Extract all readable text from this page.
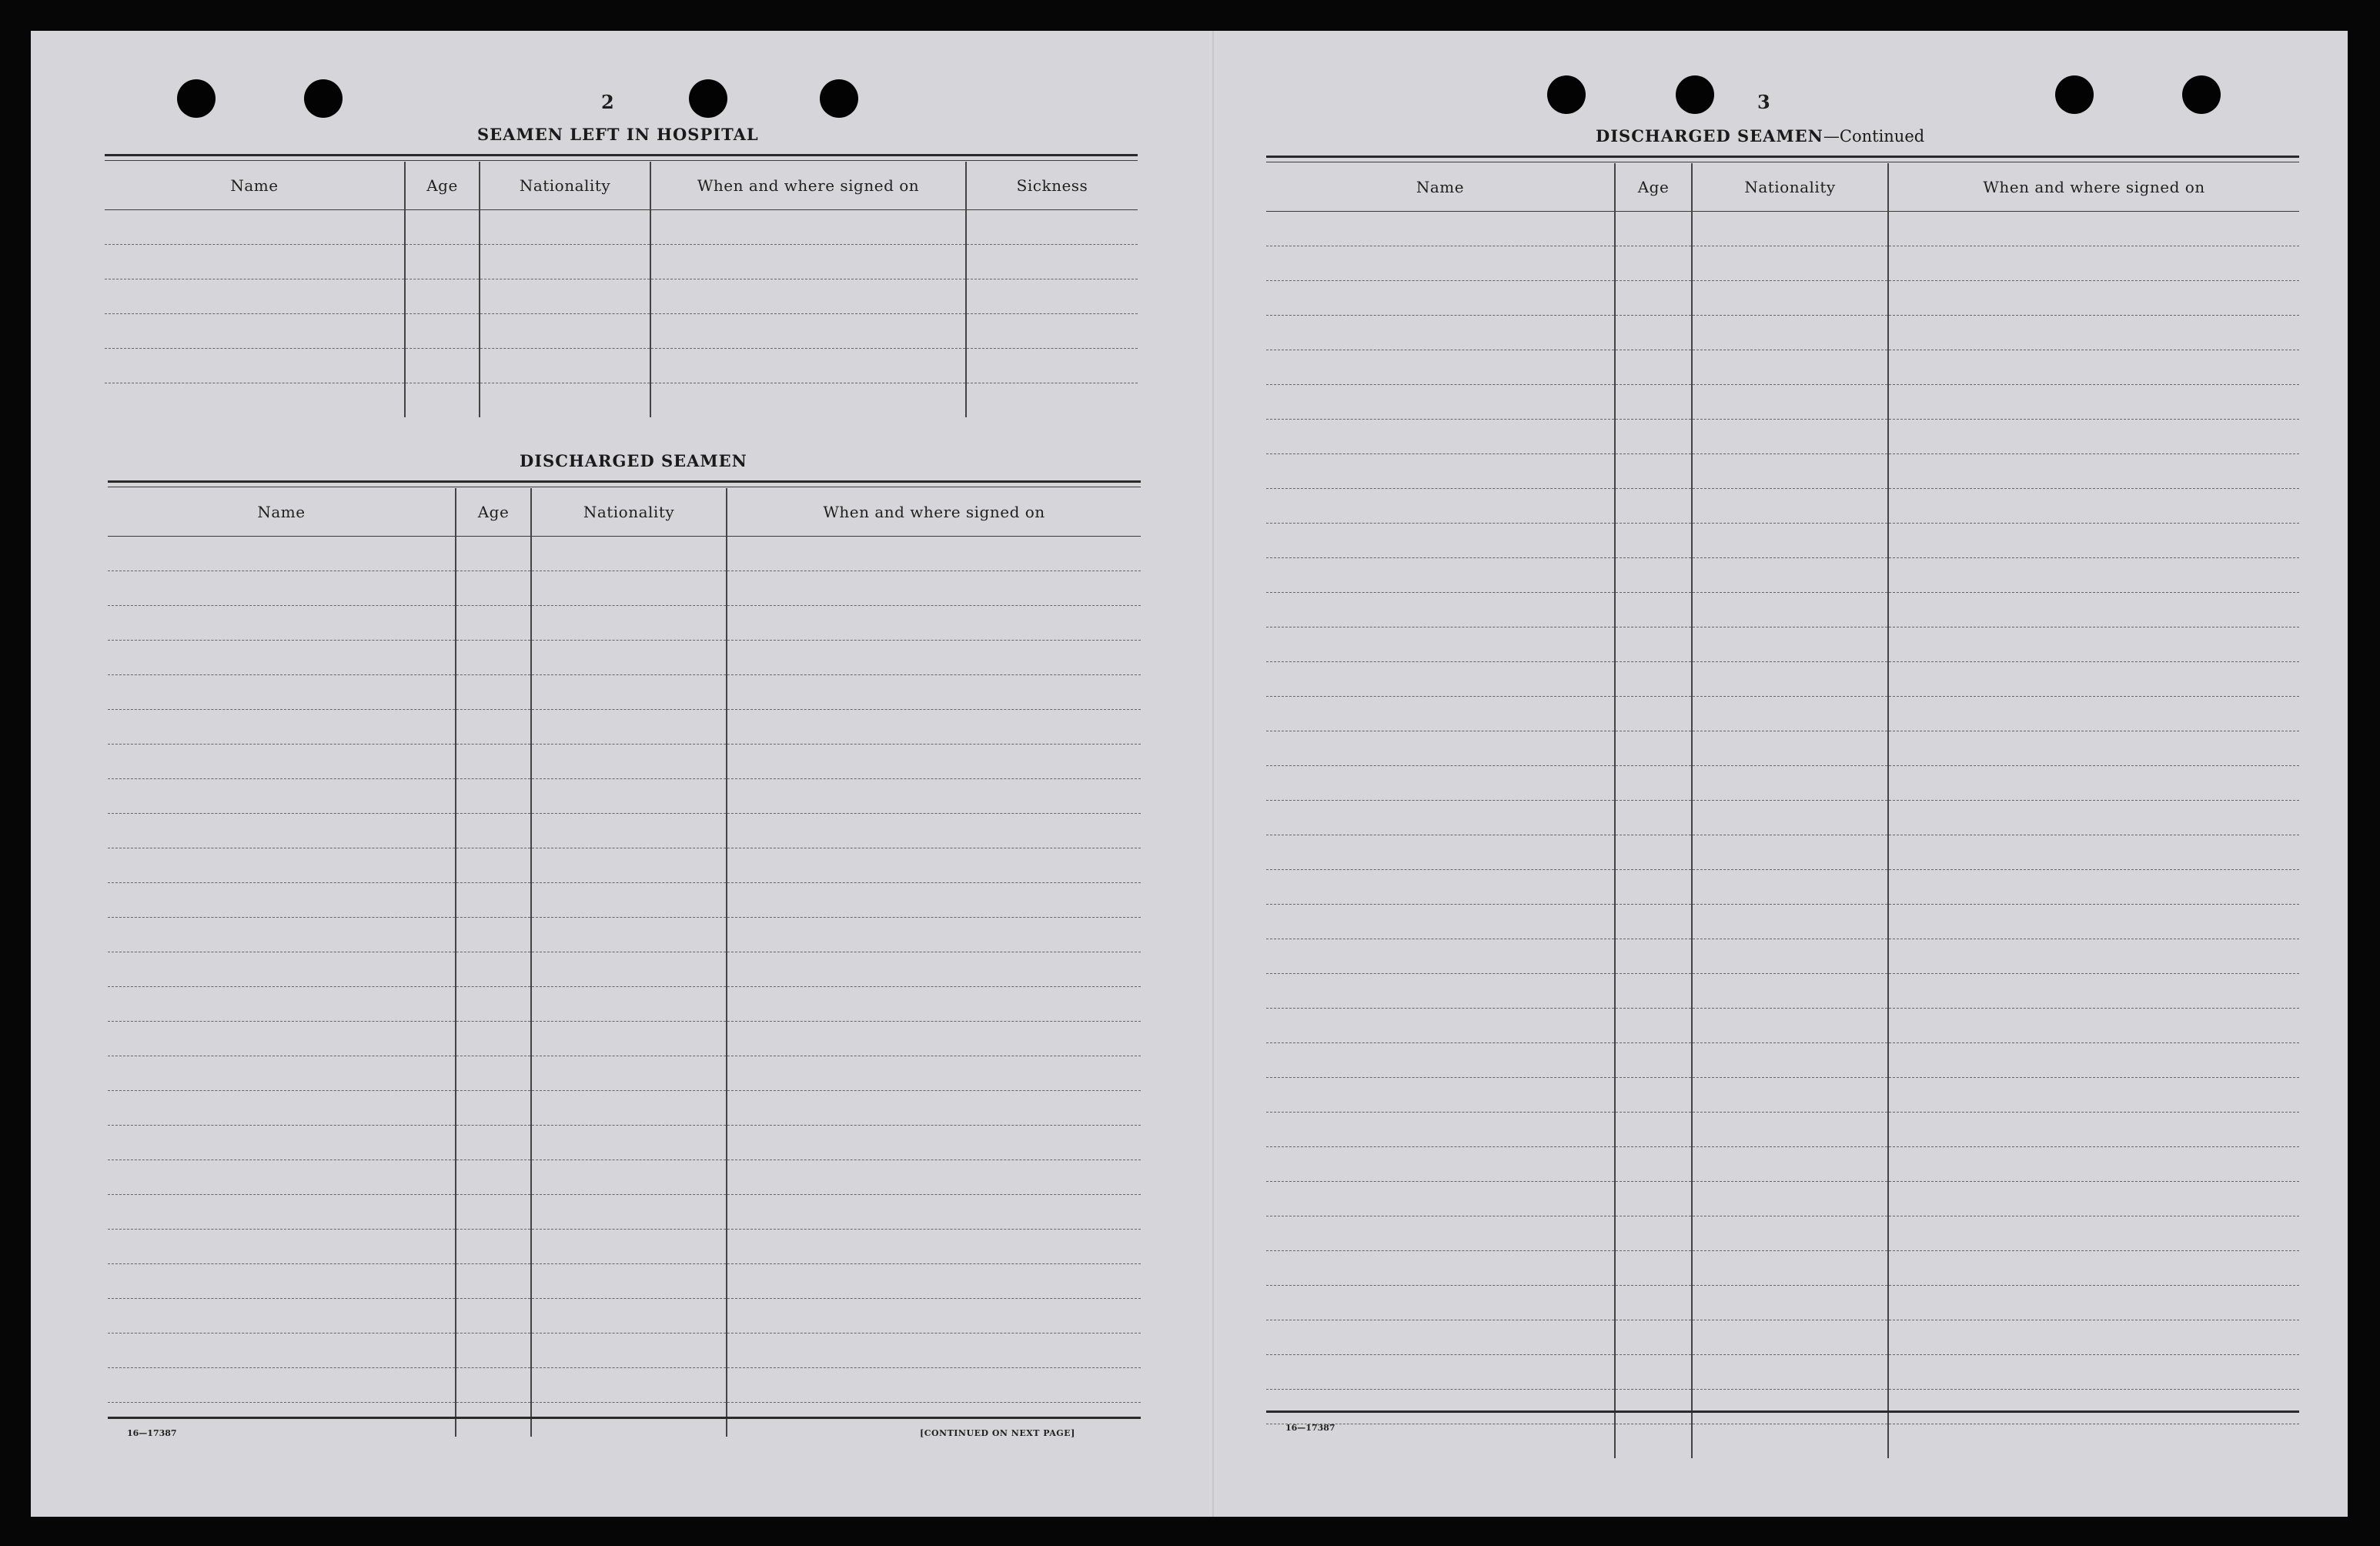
2
SEAMEN LEFT IN HOSPITAL
Name	Age	Nationality	When and where signed on	Sickness

DISCHARGED SEAMEN
Name	Age	Nationality	When and where signed on

16—17387	[CONTINUED ON NEXT PAGE]
3
DISCHARGED SEAMEN—Continued
Name	Age	Nationality	When and where signed on

16—17387
